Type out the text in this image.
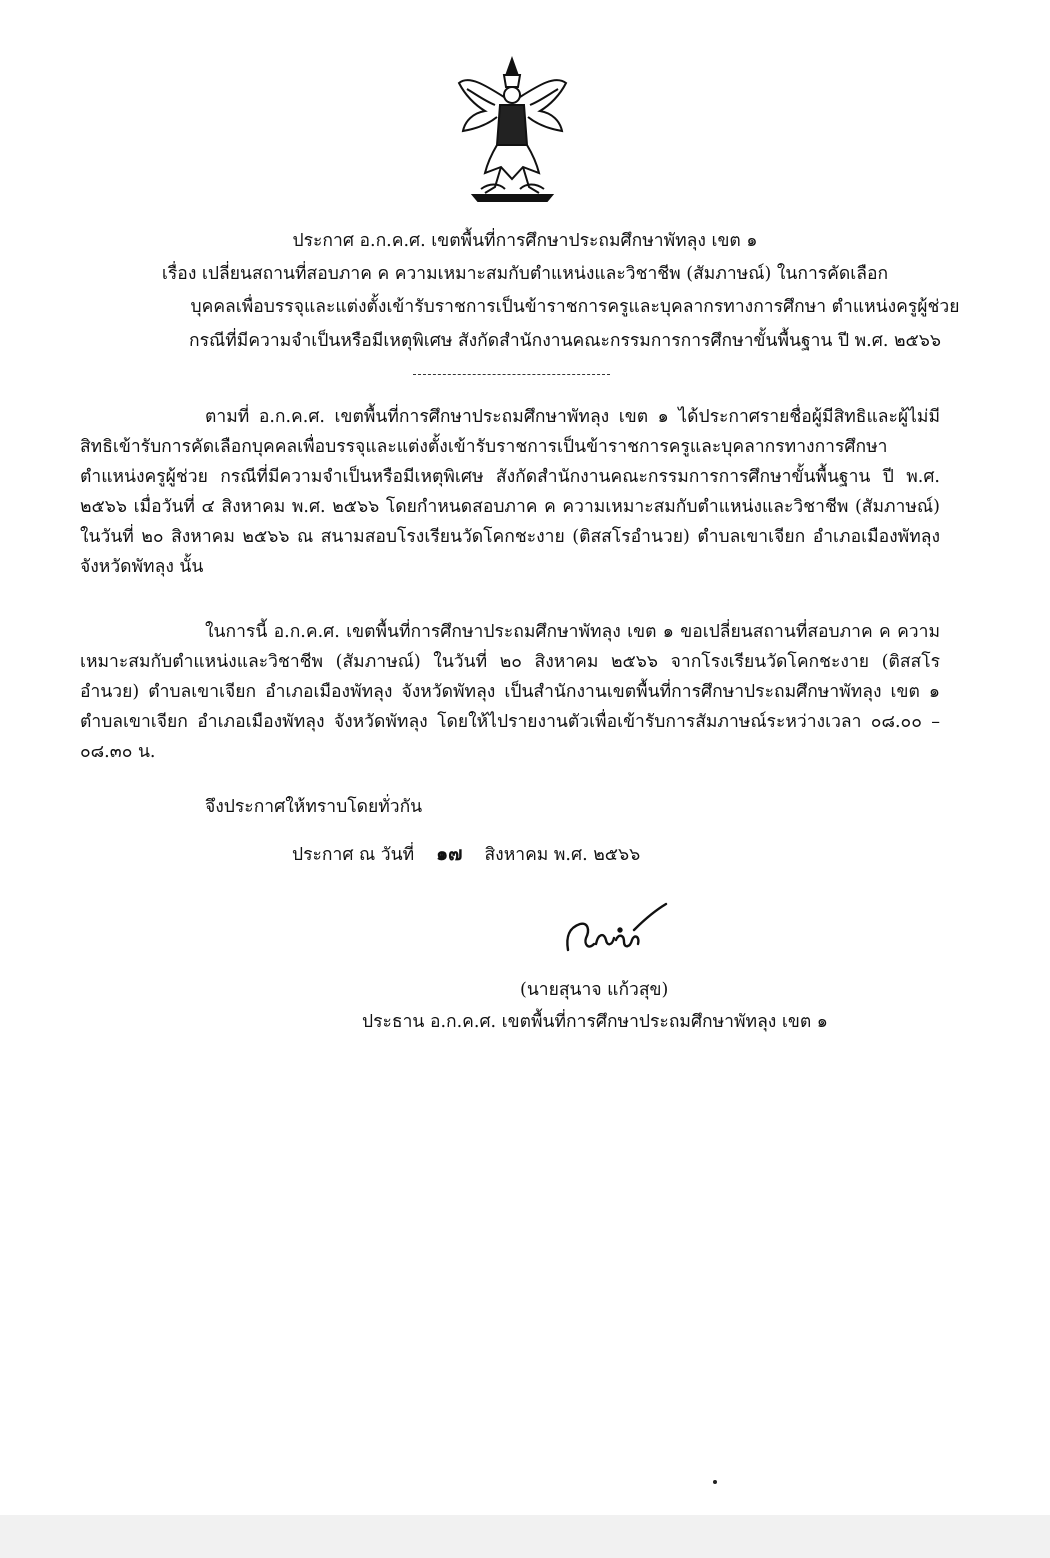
ประกาศ อ.ก.ค.ศ. เขตพื้นที่การศึกษาประถมศึกษาพัทลุง เขต ๑
เรื่อง เปลี่ยนสถานที่สอบภาค ค ความเหมาะสมกับตำแหน่งและวิชาชีพ (สัมภาษณ์) ในการคัดเลือก
บุคคลเพื่อบรรจุและแต่งตั้งเข้ารับราชการเป็นข้าราชการครูและบุคลากรทางการศึกษา ตำแหน่งครูผู้ช่วย
กรณีที่มีความจำเป็นหรือมีเหตุพิเศษ สังกัดสำนักงานคณะกรรมการการศึกษาขั้นพื้นฐาน ปี พ.ศ. ๒๕๖๖
ตามที่ อ.ก.ค.ศ. เขตพื้นที่การศึกษาประถมศึกษาพัทลุง เขต ๑ ได้ประกาศรายชื่อผู้มีสิทธิและผู้ไม่มีสิทธิเข้ารับการคัดเลือกบุคคลเพื่อบรรจุและแต่งตั้งเข้ารับราชการเป็นข้าราชการครูและบุคลากรทางการศึกษา ตำแหน่งครูผู้ช่วย กรณีที่มีความจำเป็นหรือมีเหตุพิเศษ สังกัดสำนักงานคณะกรรมการการศึกษาขั้นพื้นฐาน ปี พ.ศ. ๒๕๖๖ เมื่อวันที่ ๔ สิงหาคม พ.ศ. ๒๕๖๖ โดยกำหนดสอบภาค ค ความเหมาะสมกับตำแหน่งและวิชาชีพ (สัมภาษณ์) ในวันที่ ๒๐ สิงหาคม ๒๕๖๖ ณ สนามสอบโรงเรียนวัดโคกชะงาย (ติสสโรอำนวย) ตำบลเขาเจียก อำเภอเมืองพัทลุง จังหวัดพัทลุง นั้น
ในการนี้ อ.ก.ค.ศ. เขตพื้นที่การศึกษาประถมศึกษาพัทลุง เขต ๑ ขอเปลี่ยนสถานที่สอบภาค ค ความเหมาะสมกับตำแหน่งและวิชาชีพ (สัมภาษณ์) ในวันที่ ๒๐ สิงหาคม ๒๕๖๖ จากโรงเรียนวัดโคกชะงาย (ติสสโรอำนวย) ตำบลเขาเจียก อำเภอเมืองพัทลุง จังหวัดพัทลุง เป็นสำนักงานเขตพื้นที่การศึกษาประถมศึกษาพัทลุง เขต ๑ ตำบลเขาเจียก อำเภอเมืองพัทลุง จังหวัดพัทลุง โดยให้ไปรายงานตัวเพื่อเข้ารับการสัมภาษณ์ระหว่างเวลา ๐๘.๐๐ – ๐๘.๓๐ น.
จึงประกาศให้ทราบโดยทั่วกัน
ประกาศ ณ วันที่ ๑๗ สิงหาคม พ.ศ. ๒๕๖๖
(นายสุนาจ แก้วสุข)
ประธาน อ.ก.ค.ศ. เขตพื้นที่การศึกษาประถมศึกษาพัทลุง เขต ๑
